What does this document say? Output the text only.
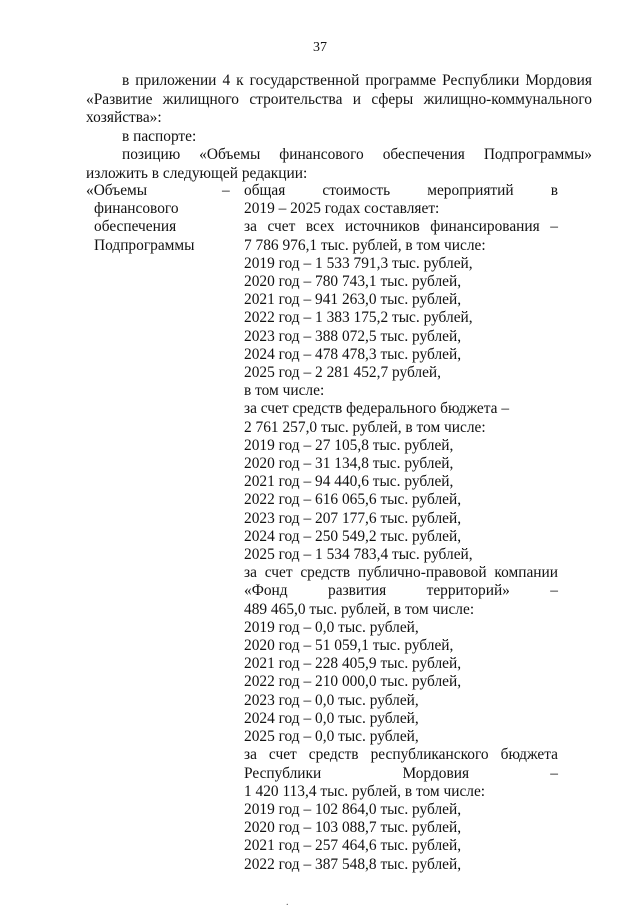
37

в приложении 4 к государственной программе Республики Мордовия

«Развитие жилищного строительства и сферы жилищно-коммунального

хозяйства»:

в паспорте:

позицию «Объемы финансового обеспечения Подпрограммы»

изложить в следующей редакции:

«Объемы
финансового
обеспечения
Подпрограммы
– общая стоимость мероприятий в
2019 – 2025 годах составляет:
за счет всех источников финансирования –
7 786 976,1 тыс. рублей, в том числе:
2019 год – 1 533 791,3 тыс. рублей,
2020 год – 780 743,1 тыс. рублей,
2021 год – 941 263,0 тыс. рублей,
2022 год – 1 383 175,2 тыс. рублей,
2023 год – 388 072,5 тыс. рублей,
2024 год – 478 478,3 тыс. рублей,
2025 год – 2 281 452,7 рублей,
в том числе:
за счет средств федерального бюджета –
2 761 257,0 тыс. рублей, в том числе:
2019 год – 27 105,8 тыс. рублей,
2020 год – 31 134,8 тыс. рублей,
2021 год – 94 440,6 тыс. рублей,
2022 год – 616 065,6 тыс. рублей,
2023 год – 207 177,6 тыс. рублей,
2024 год – 250 549,2 тыс. рублей,
2025 год – 1 534 783,4 тыс. рублей,
за счет средств публично-правовой компании
«Фонд развития территорий» –
489 465,0 тыс. рублей, в том числе:
2019 год – 0,0 тыс. рублей,
2020 год – 51 059,1 тыс. рублей,
2021 год – 228 405,9 тыс. рублей,
2022 год – 210 000,0 тыс. рублей,
2023 год – 0,0 тыс. рублей,
2024 год – 0,0 тыс. рублей,
2025 год – 0,0 тыс. рублей,
за счет средств республиканского бюджета
Республики Мордовия –
1 420 113,4 тыс. рублей, в том числе:
2019 год – 102 864,0 тыс. рублей,
2020 год – 103 088,7 тыс. рублей,
2021 год – 257 464,6 тыс. рублей,
2022 год – 387 548,8 тыс. рублей,
.
